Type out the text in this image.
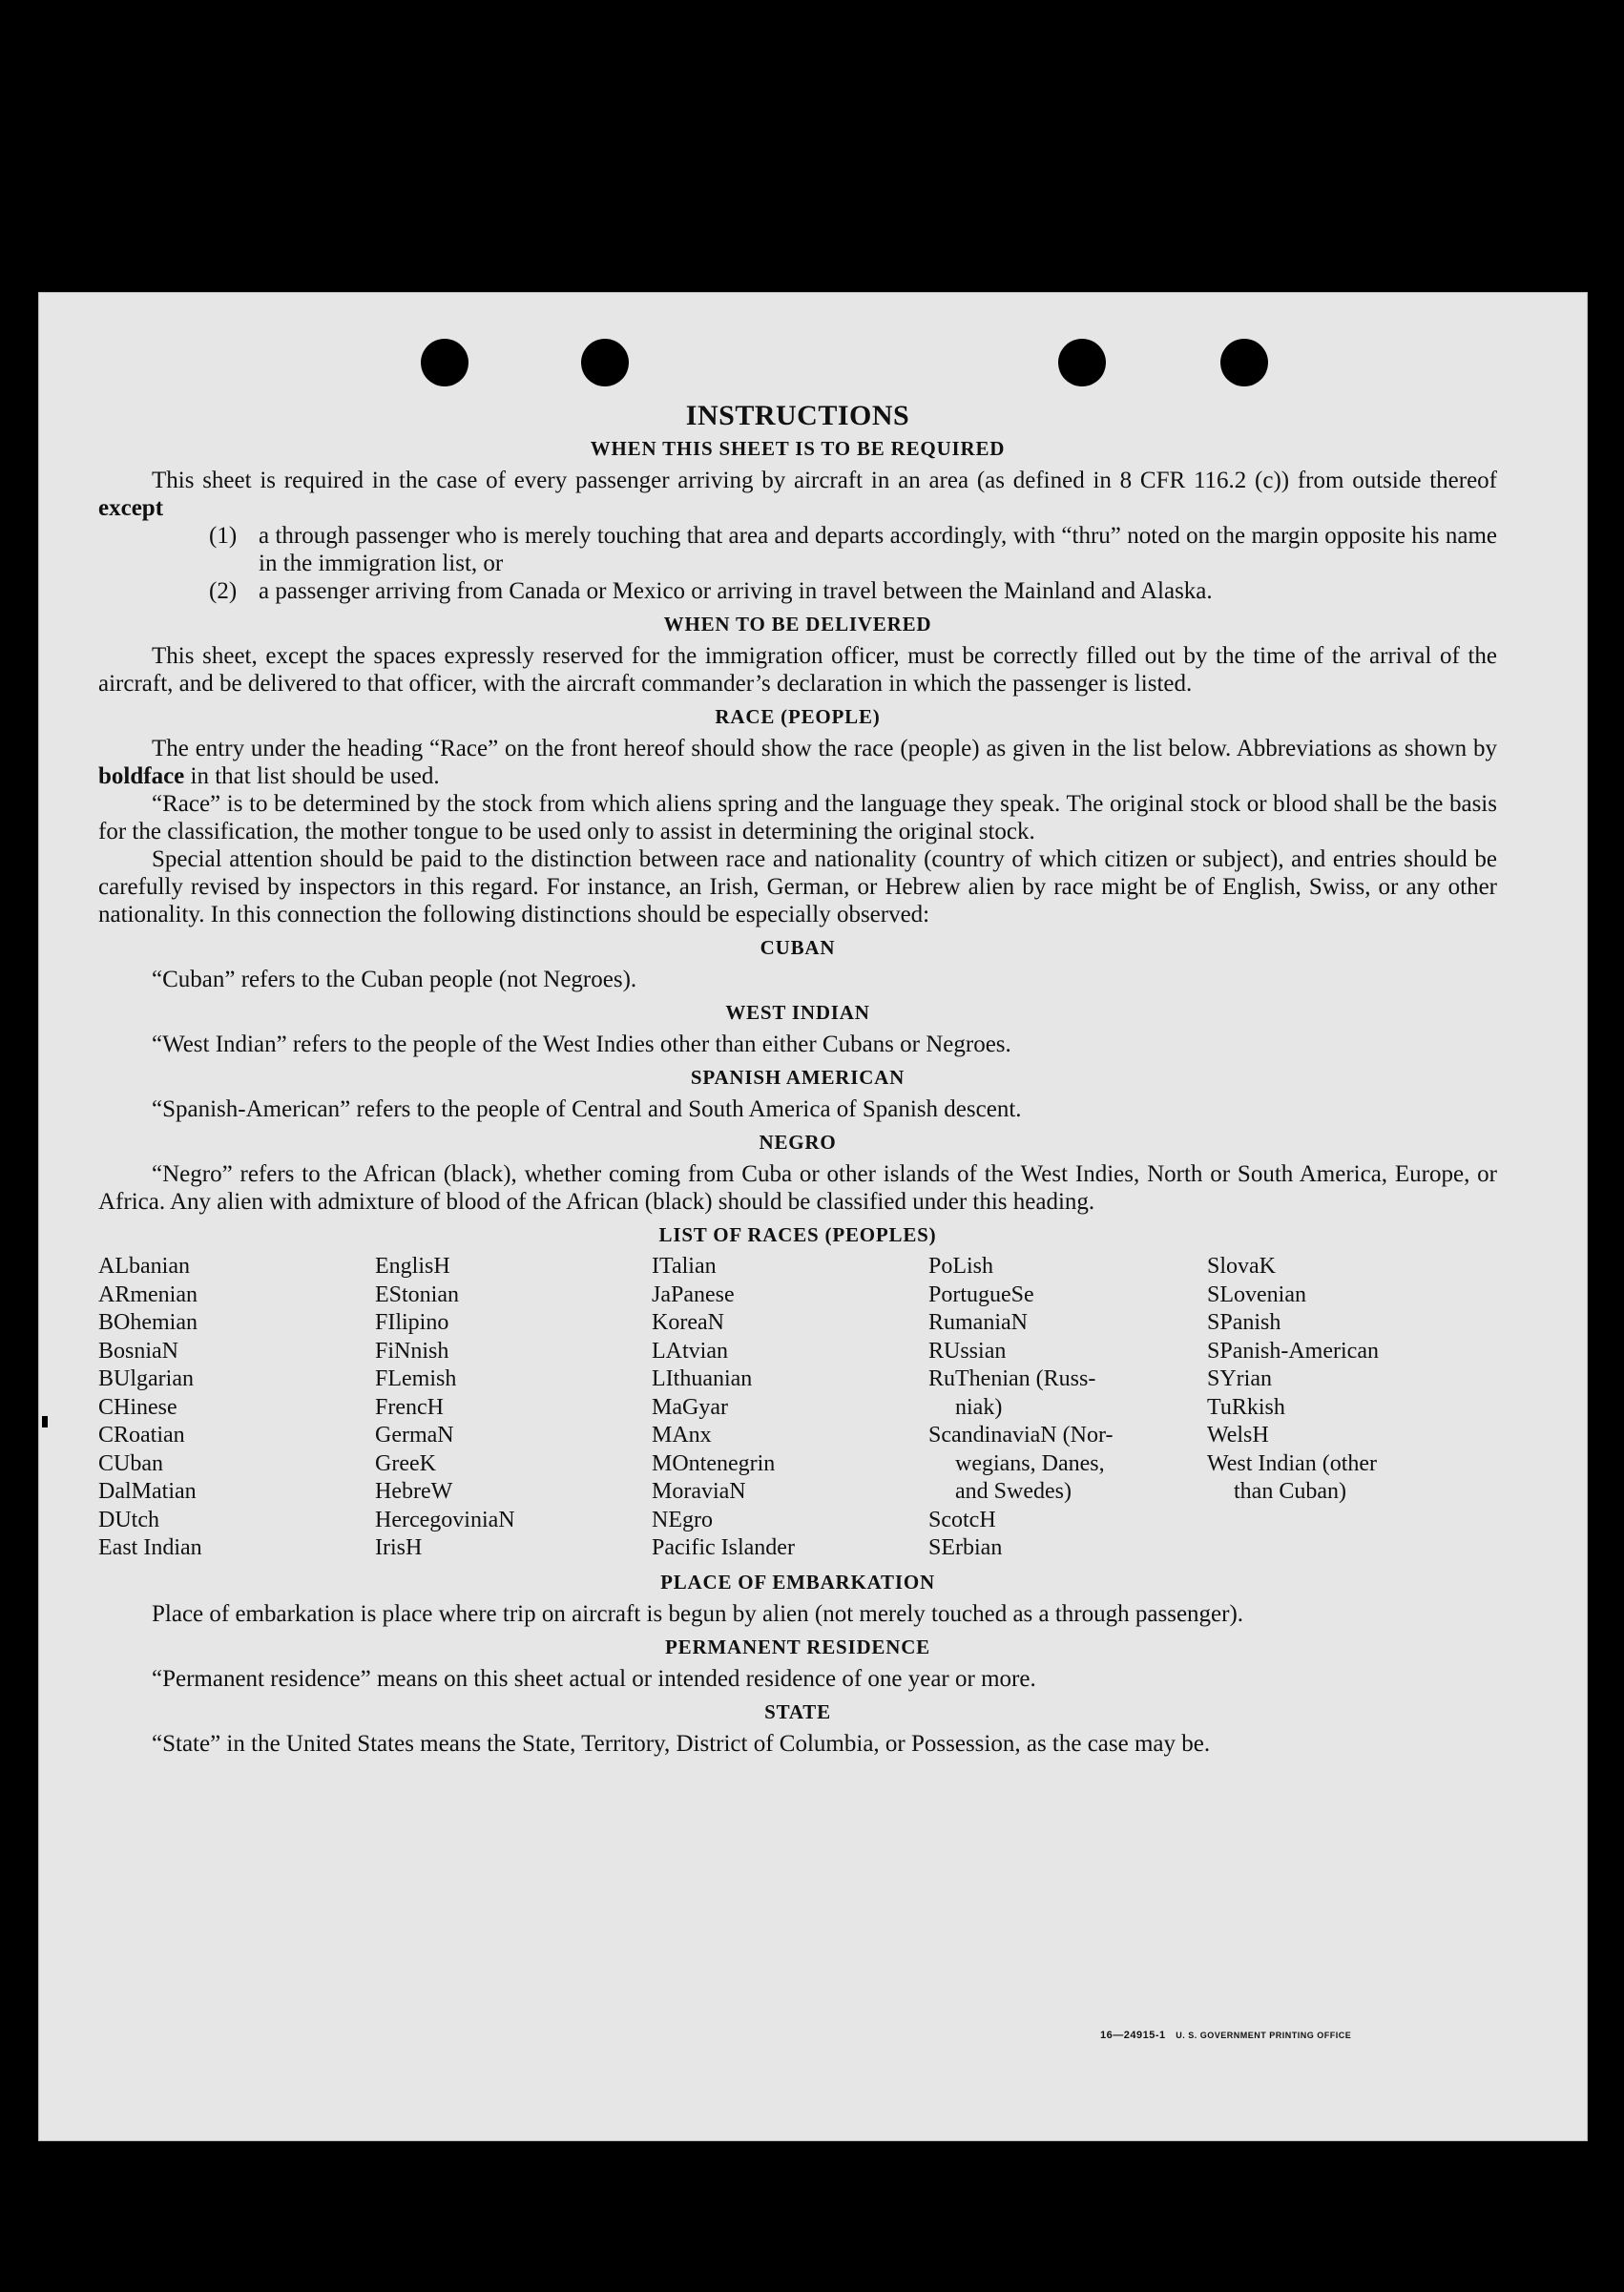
INSTRUCTIONS
WHEN THIS SHEET IS TO BE REQUIRED

This sheet is required in the case of every passenger arriving by aircraft in an area (as defined in 8 CFR 116.2 (c)) from outside thereof except

(1) a through passenger who is merely touching that area and departs accordingly, with “thru” noted on the margin opposite his name in the immigration list, or
(2) a passenger arriving from Canada or Mexico or arriving in travel between the Mainland and Alaska.
WHEN TO BE DELIVERED

This sheet, except the spaces expressly reserved for the immigration officer, must be correctly filled out by the time of the arrival of the aircraft, and be delivered to that officer, with the aircraft commander’s declaration in which the passenger is listed.

RACE (PEOPLE)

The entry under the heading “Race” on the front hereof should show the race (people) as given in the list below. Abbreviations as shown by boldface in that list should be used.

“Race” is to be determined by the stock from which aliens spring and the language they speak. The original stock or blood shall be the basis for the classification, the mother tongue to be used only to assist in determining the original stock.

Special attention should be paid to the distinction between race and nationality (country of which citizen or subject), and entries should be carefully revised by inspectors in this regard. For instance, an Irish, German, or Hebrew alien by race might be of English, Swiss, or any other nationality. In this connection the following distinctions should be especially observed:

CUBAN

“Cuban” refers to the Cuban people (not Negroes).

WEST INDIAN

“West Indian” refers to the people of the West Indies other than either Cubans or Negroes.

SPANISH AMERICAN

“Spanish-American” refers to the people of Central and South America of Spanish descent.

NEGRO

“Negro” refers to the African (black), whether coming from Cuba or other islands of the West Indies, North or South America, Europe, or Africa. Any alien with admixture of blood of the African (black) should be classified under this heading.

LIST OF RACES (PEOPLES)
ALbanian
ARmenian
BOhemian
BosniaN
BUlgarian
CHinese
CRoatian
CUban
DalMatian
DUtch
East Indian
EnglisH
EStonian
FIlipino
FiNnish
FLemish
FrencH
GermaN
GreeK
HebreW
HercegoviniaN
IrisH
ITalian
JaPanese
KoreaN
LAtvian
LIthuanian
MaGyar
MAnx
MOntenegrin
MoraviaN
NEgro
Pacific Islander
PoLish
PortugueSe
RumaniaN
RUssian
RuThenian (Russ-
niak)
ScandinaviaN (Nor-
wegians, Danes,
and Swedes)
ScotcH
SErbian
SlovaK
SLovenian
SPanish
SPanish-American
SYrian
TuRkish
WelsH
West Indian (other
than Cuban)
PLACE OF EMBARKATION

Place of embarkation is place where trip on aircraft is begun by alien (not merely touched as a through passenger).

PERMANENT RESIDENCE

“Permanent residence” means on this sheet actual or intended residence of one year or more.

STATE

“State” in the United States means the State, Territory, District of Columbia, or Possession, as the case may be.

16—24915-1 U. S. GOVERNMENT PRINTING OFFICE
